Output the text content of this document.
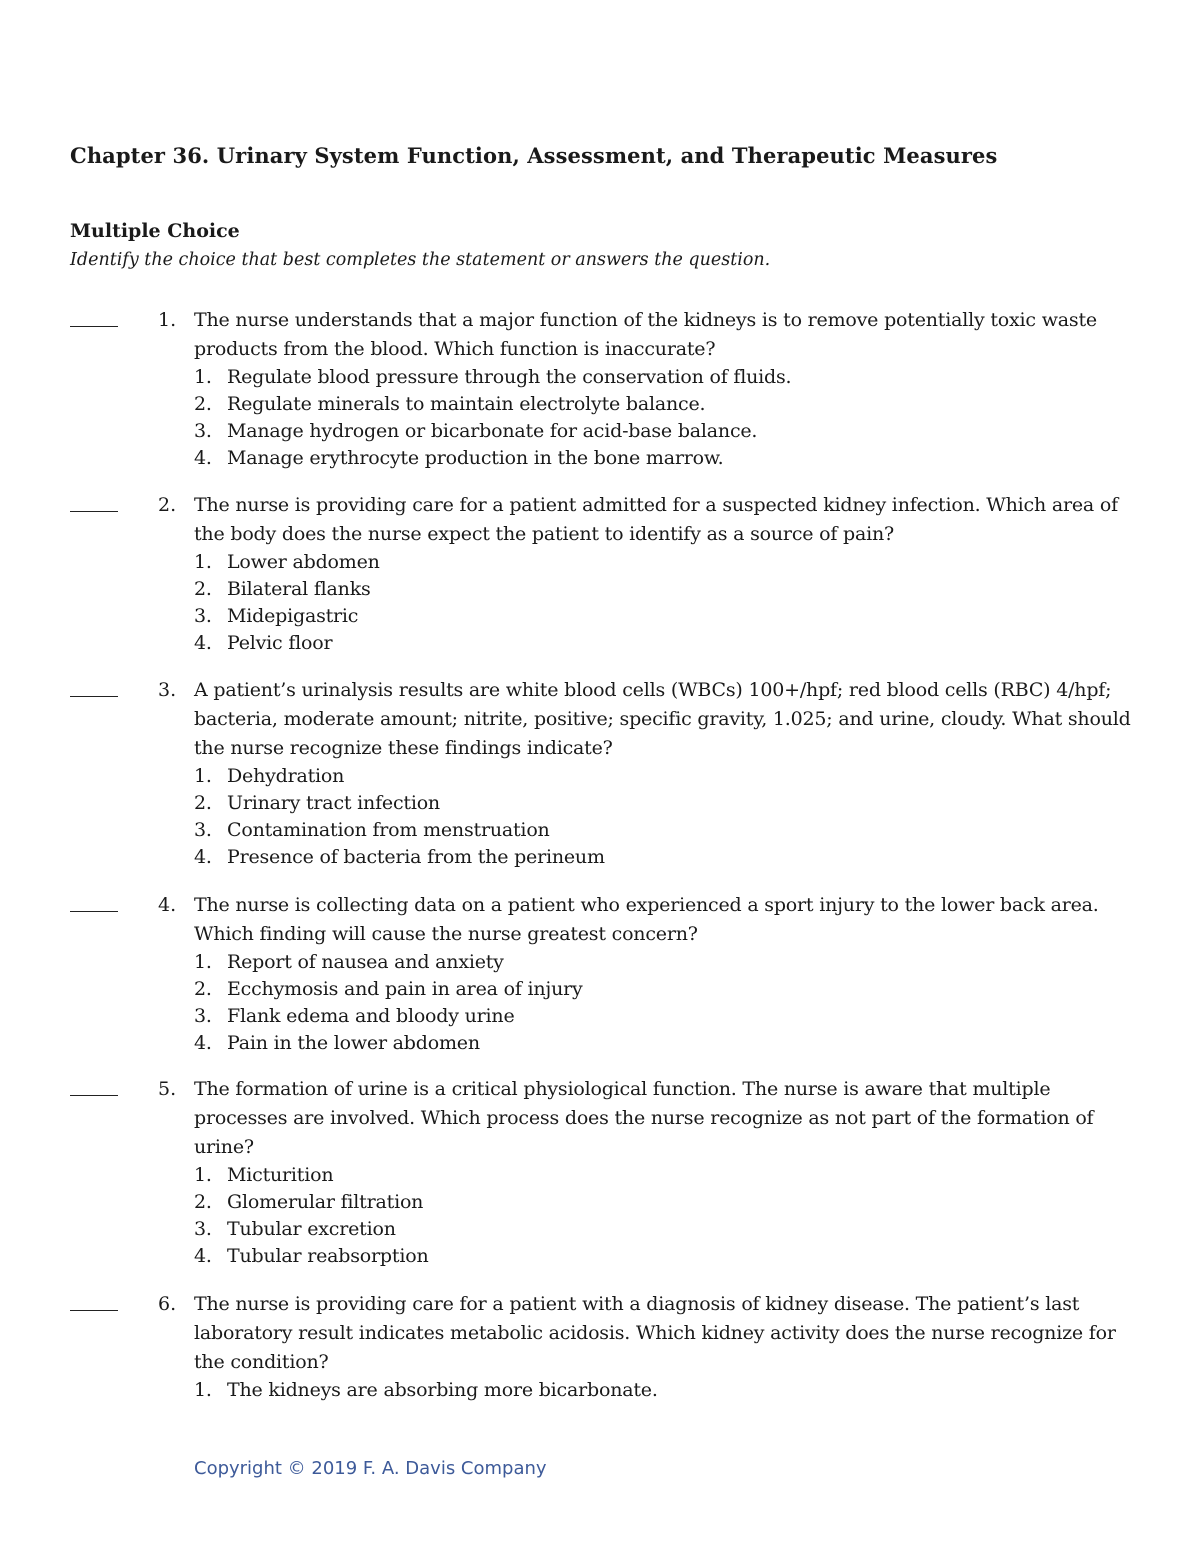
Chapter 36. Urinary System Function, Assessment, and Therapeutic Measures
Multiple Choice
Identify the choice that best completes the statement or answers the question.
1. The nurse understands that a major function of the kidneys is to remove potentially toxic waste products from the blood. Which function is inaccurate?
1. Regulate blood pressure through the conservation of fluids.
2. Regulate minerals to maintain electrolyte balance.
3. Manage hydrogen or bicarbonate for acid-base balance.
4. Manage erythrocyte production in the bone marrow.
2. The nurse is providing care for a patient admitted for a suspected kidney infection. Which area of the body does the nurse expect the patient to identify as a source of pain?
1. Lower abdomen
2. Bilateral flanks
3. Midepigastric
4. Pelvic floor
3. A patient’s urinalysis results are white blood cells (WBCs) 100+/hpf; red blood cells (RBC) 4/hpf; bacteria, moderate amount; nitrite, positive; specific gravity, 1.025; and urine, cloudy. What should the nurse recognize these findings indicate?
1. Dehydration
2. Urinary tract infection
3. Contamination from menstruation
4. Presence of bacteria from the perineum
4. The nurse is collecting data on a patient who experienced a sport injury to the lower back area. Which finding will cause the nurse greatest concern?
1. Report of nausea and anxiety
2. Ecchymosis and pain in area of injury
3. Flank edema and bloody urine
4. Pain in the lower abdomen
5. The formation of urine is a critical physiological function. The nurse is aware that multiple processes are involved. Which process does the nurse recognize as not part of the formation of urine?
1. Micturition
2. Glomerular filtration
3. Tubular excretion
4. Tubular reabsorption
6. The nurse is providing care for a patient with a diagnosis of kidney disease. The patient’s last laboratory result indicates metabolic acidosis. Which kidney activity does the nurse recognize for the condition?
1. The kidneys are absorbing more bicarbonate.
Copyright © 2019 F. A. Davis Company
